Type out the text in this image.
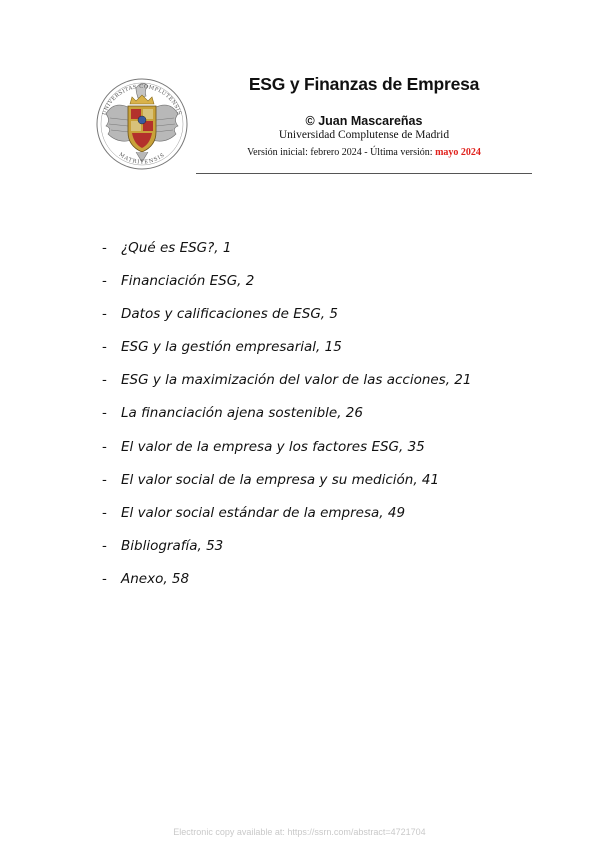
UNIVERSITAS COMPLUTENSIS
MATRITENSIS
ESG y Finanzas de Empresa
© Juan Mascareñas
Universidad Complutense de Madrid
Versión inicial: febrero 2024 - Última versión: mayo 2024
-	¿Qué es ESG?, 1
-	Financiación ESG, 2
-	Datos y calificaciones de ESG, 5
-	ESG y la gestión empresarial, 15
-	ESG y la maximización del valor de las acciones, 21
-	La financiación ajena sostenible, 26
-	El valor de la empresa y los factores ESG, 35
-	El valor social de la empresa y su medición, 41
-	El valor social estándar de la empresa, 49
-	Bibliografía, 53
-	Anexo, 58
Electronic copy available at: https://ssrn.com/abstract=4721704
